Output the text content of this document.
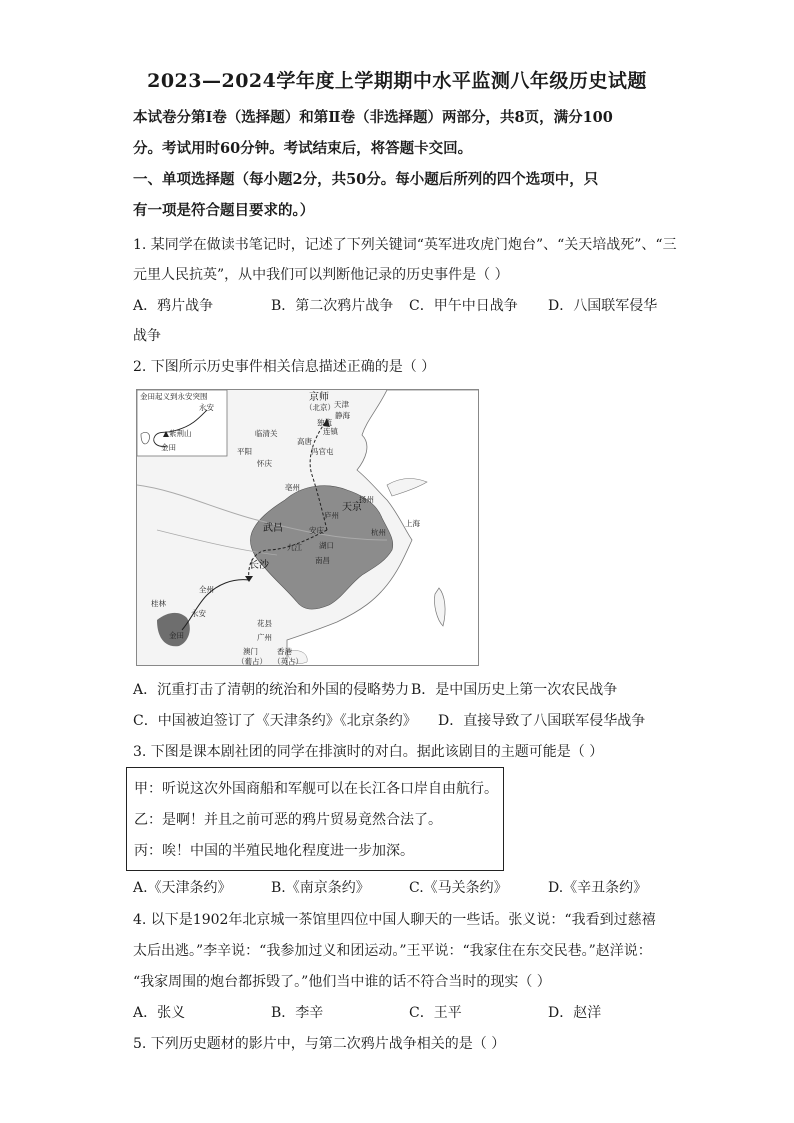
2023—2024学年度上学期期中水平监测八年级历史试题
本试卷分第Ⅰ卷（选择题）和第Ⅱ卷（非选择题）两部分，共8页，满分100
分。考试用时60分钟。考试结束后，将答题卡交回。
一、单项选择题（每小题2分，共50分。每小题后所列的四个选项中，只
有一项是符合题目要求的。）
1. 某同学在做读书笔记时，记述了下列关键词“英军进攻虎门炮台”、“关天培战死”、“三
元里人民抗英”，从中我们可以判断他记录的历史事件是（ ）
A．鸦片战争	B．第二次鸦片战争 C．甲午中日战争 D．八国联军侵华
战争
2. 下图所示历史事件相关信息描述正确的是（ ）
金田起义到永安突围
永安
紫荆山
金田
京师
（北京） 天津
静海
独流
临清关	连镇
高唐
冯官屯
平阳
怀庆
亳州
扬州
天京
庐州
武昌	安庆
九江 湖口
南昌
杭州
上海
长沙
全州
桂林
永安
金田
花县
广州
澳门	香港
（葡占） （英占）
A．沉重打击了清朝的统治和外国的侵略势力 B．是中国历史上第一次农民战争
C．中国被迫签订了《天津条约》《北京条约》 D．直接导致了八国联军侵华战争
3. 下图是课本剧社团的同学在排演时的对白。据此该剧目的主题可能是（ ）
甲：听说这次外国商船和军舰可以在长江各口岸自由航行。
乙：是啊！并且之前可恶的鸦片贸易竟然合法了。
丙：唉！中国的半殖民地化程度进一步加深。
A.《天津条约》	B.《南京条约》	C.《马关条约》	D.《辛丑条约》
4. 以下是1902年北京城一茶馆里四位中国人聊天的一些话。张义说：“我看到过慈禧
太后出逃。”李辛说：“我参加过义和团运动。”王平说：“我家住在东交民巷。”赵洋说：
“我家周围的炮台都拆毁了。”他们当中谁的话不符合当时的现实（ ）
A．张义	B．李辛	C．王平	D．赵洋
5. 下列历史题材的影片中，与第二次鸦片战争相关的是（ ）
